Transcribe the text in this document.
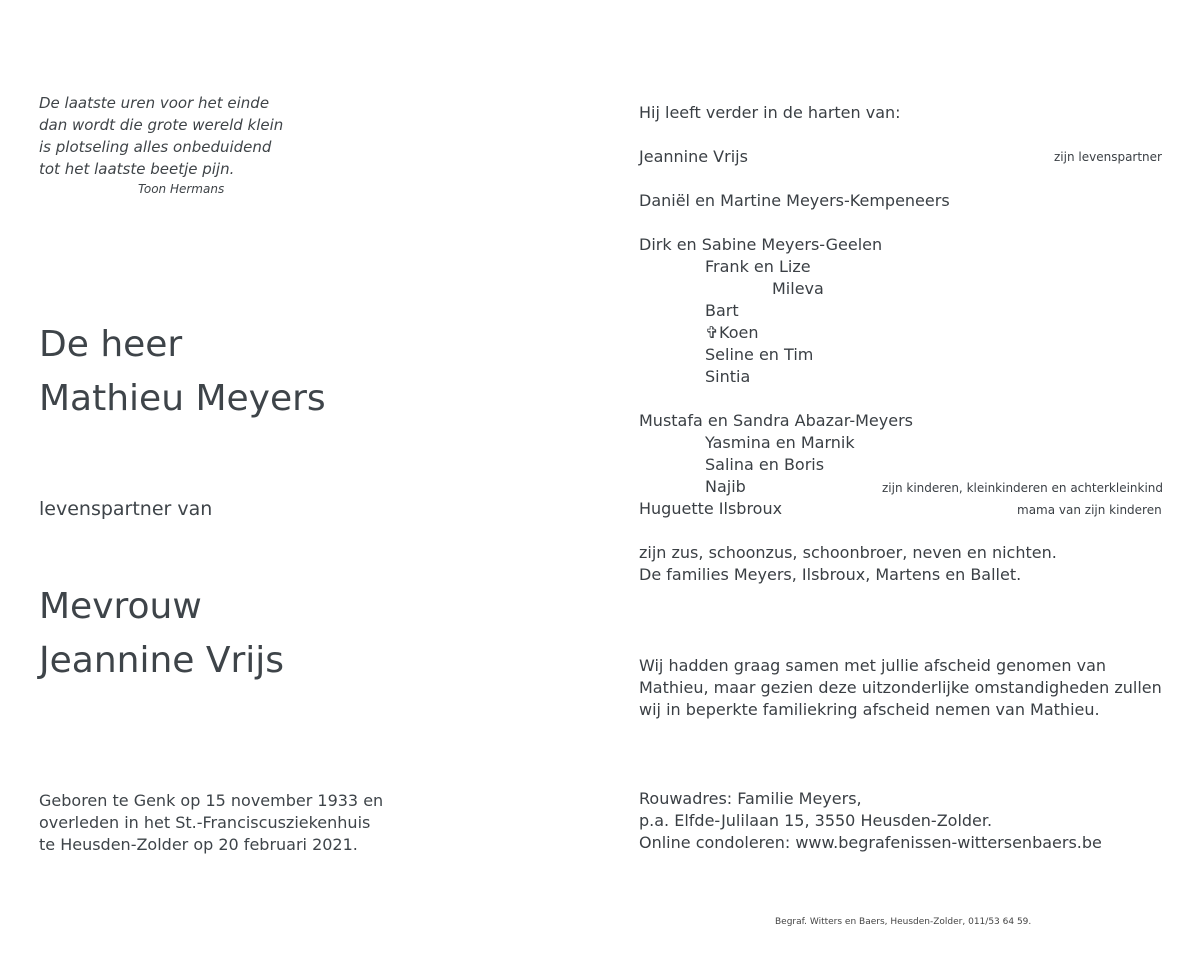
De laatste uren voor het einde
dan wordt die grote wereld klein
is plotseling alles onbeduidend
tot het laatste beetje pijn.
Toon Hermans
De heer
Mathieu Meyers
levenspartner van
Mevrouw
Jeannine Vrijs
Geboren te Genk op 15 november 1933 en
overleden in het St.-Franciscusziekenhuis
te Heusden-Zolder op 20 februari 2021.
Hij leeft verder in de harten van:
Jeannine Vrijs	zijn levenspartner
Daniël en Martine Meyers-Kempeneers
Dirk en Sabine Meyers-Geelen
Frank en Lize
Mileva
Bart
✞Koen
Seline en Tim
Sintia
Mustafa en Sandra Abazar-Meyers
Yasmina en Marnik
Salina en Boris
Najib	zijn kinderen, kleinkinderen en achterkleinkind
Huguette Ilsbroux	mama van zijn kinderen
zijn zus, schoonzus, schoonbroer, neven en nichten.
De families Meyers, Ilsbroux, Martens en Ballet.
Wij hadden graag samen met jullie afscheid genomen van
Mathieu, maar gezien deze uitzonderlijke omstandigheden zullen
wij in beperkte familiekring afscheid nemen van Mathieu.
Rouwadres: Familie Meyers,
p.a. Elfde-Julilaan 15, 3550 Heusden-Zolder.
Online condoleren: www.begrafenissen-wittersenbaers.be
Begraf. Witters en Baers, Heusden-Zolder, 011/53 64 59.
